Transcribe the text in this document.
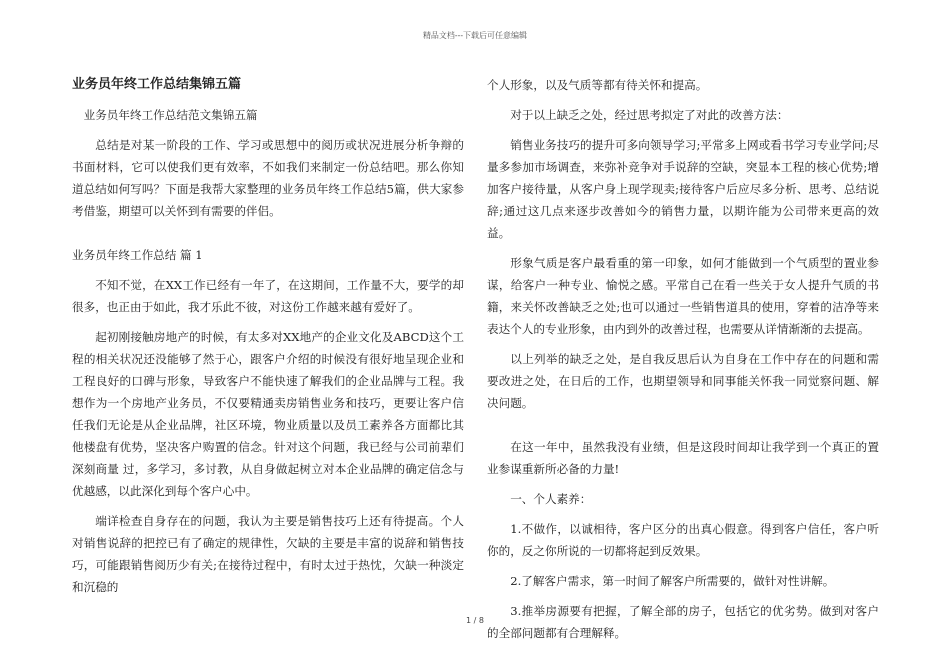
精品文档---下载后可任意编辑
业务员年终工作总结集锦五篇

业务员年终工作总结范文集锦五篇

总结是对某一阶段的工作、学习或思想中的阅历或状况进展分析争辩的书面材料，它可以使我们更有效率，不如我们来制定一份总结吧。那么你知道总结如何写吗？下面是我帮大家整理的业务员年终工作总结5篇，供大家参考借鉴，期望可以关怀到有需要的伴侣。

业务员年终工作总结 篇 1

不知不觉，在XX工作已经有一年了，在这期间，工作量不大，要学的却很多，也正由于如此，我才乐此不彼，对这份工作越来越有爱好了。

起初刚接触房地产的时候，有太多对XX地产的企业文化及ABCD这个工程的相关状况还没能够了然于心，跟客户介绍的时候没有很好地呈现企业和工程良好的口碑与形象，导致客户不能快速了解我们的企业品牌与工程。我想作为一个房地产业务员，不仅要精通卖房销售业务和技巧，更要让客户信任我们无论是从企业品牌，社区环境，物业质量以及员工素养各方面都比其他楼盘有优势，坚决客户购置的信念。针对这个问题，我已经与公司前辈们深刻商量 过，多学习，多讨教，从自身做起树立对本企业品牌的确定信念与优越感，以此深化到每个客户心中。

端详检查自身存在的问题，我认为主要是销售技巧上还有待提高。个人对销售说辞的把控已有了确定的规律性，欠缺的主要是丰富的说辞和销售技巧，可能跟销售阅历少有关;在接待过程中，有时太过于热忱，欠缺一种淡定和沉稳的

个人形象，以及气质等都有待关怀和提高。

对于以上缺乏之处，经过思考拟定了对此的改善方法：

销售业务技巧的提升可多向领导学习;平常多上网或看书学习专业学问;尽量多参加市场调查，来弥补竞争对手说辞的空缺，突显本工程的核心优势;增加客户接待量，从客户身上现学现卖;接待客户后应尽多分析、思考、总结说辞;通过这几点来逐步改善如今的销售力量，以期许能为公司带来更高的效益。

形象气质是客户最看重的第一印象，如何才能做到一个气质型的置业参谋，给客户一种专业、愉悦之感。平常自己在看一些关于女人提升气质的书籍，来关怀改善缺乏之处;也可以通过一些销售道具的使用，穿着的洁净等来表达个人的专业形象，由内到外的改善过程，也需要从详情渐渐的去提高。

以上列举的缺乏之处，是自我反思后认为自身在工作中存在的问题和需要改进之处，在日后的工作，也期望领导和同事能关怀我一同觉察问题、解决问题。

在这一年中，虽然我没有业绩，但是这段时间却让我学到一个真正的置业参谋重新所必备的力量!

一、个人素养：

1.不做作，以诚相待，客户区分的出真心假意。得到客户信任，客户听你的，反之你所说的一切都将起到反效果。

2.了解客户需求，第一时间了解客户所需要的，做针对性讲解。

3.推举房源要有把握，了解全部的房子，包括它的优劣势。做到对客户的全部问题都有合理解释。

1 / 8
